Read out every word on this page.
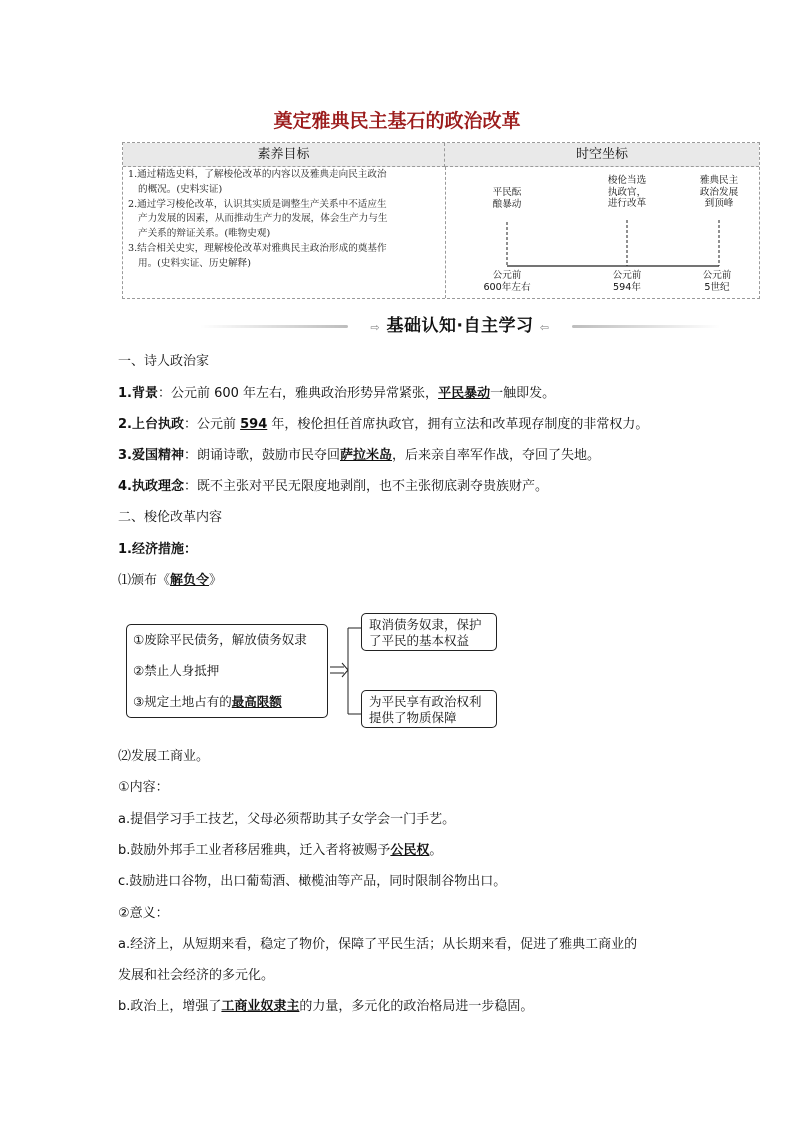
奠定雅典民主基石的政治改革
素养目标	时空坐标

1.通过精选史料，了解梭伦改革的内容以及雅典走向民主政治

的概况。(史料实证)

2.通过学习梭伦改革，认识其实质是调整生产关系中不适应生

产力发展的因素，从而推动生产力的发展，体会生产力与生

产关系的辩证关系。(唯物史观)

3.结合相关史实，理解梭伦改革对雅典民主政治形成的奠基作

用。(史料实证、历史解释)

平民酝
酿暴动
梭伦当选
执政官，
进行改革
雅典民主
政治发展
到顶峰
公元前
600年左右
公元前
5世纪
公元前
594年
⇨ 基础认知·自主学习 ⇦
一、诗人政治家
1.背景：公元前 600 年左右，雅典政治形势异常紧张，平民暴动一触即发。
2.上台执政：公元前 594 年，梭伦担任首席执政官，拥有立法和改革现存制度的非常权力。
3.爱国精神：朗诵诗歌，鼓励市民夺回萨拉米岛，后来亲自率军作战，夺回了失地。
4.执政理念：既不主张对平民无限度地剥削，也不主张彻底剥夺贵族财产。
二、梭伦改革内容
1.经济措施：
⑴颁布《解负令》
①废除平民债务，解放债务奴隶
②禁止人身抵押
③规定土地占有的最高限额
取消债务奴隶，保护了平民的基本权益
为平民享有政治权利提供了物质保障
⑵发展工商业。
①内容：
a.提倡学习手工技艺，父母必须帮助其子女学会一门手艺。
b.鼓励外邦手工业者移居雅典，迁入者将被赐予公民权。
c.鼓励进口谷物，出口葡萄酒、橄榄油等产品，同时限制谷物出口。
②意义：
a.经济上，从短期来看，稳定了物价，保障了平民生活；从长期来看，促进了雅典工商业的
发展和社会经济的多元化。
b.政治上，增强了工商业奴隶主的力量，多元化的政治格局进一步稳固。
